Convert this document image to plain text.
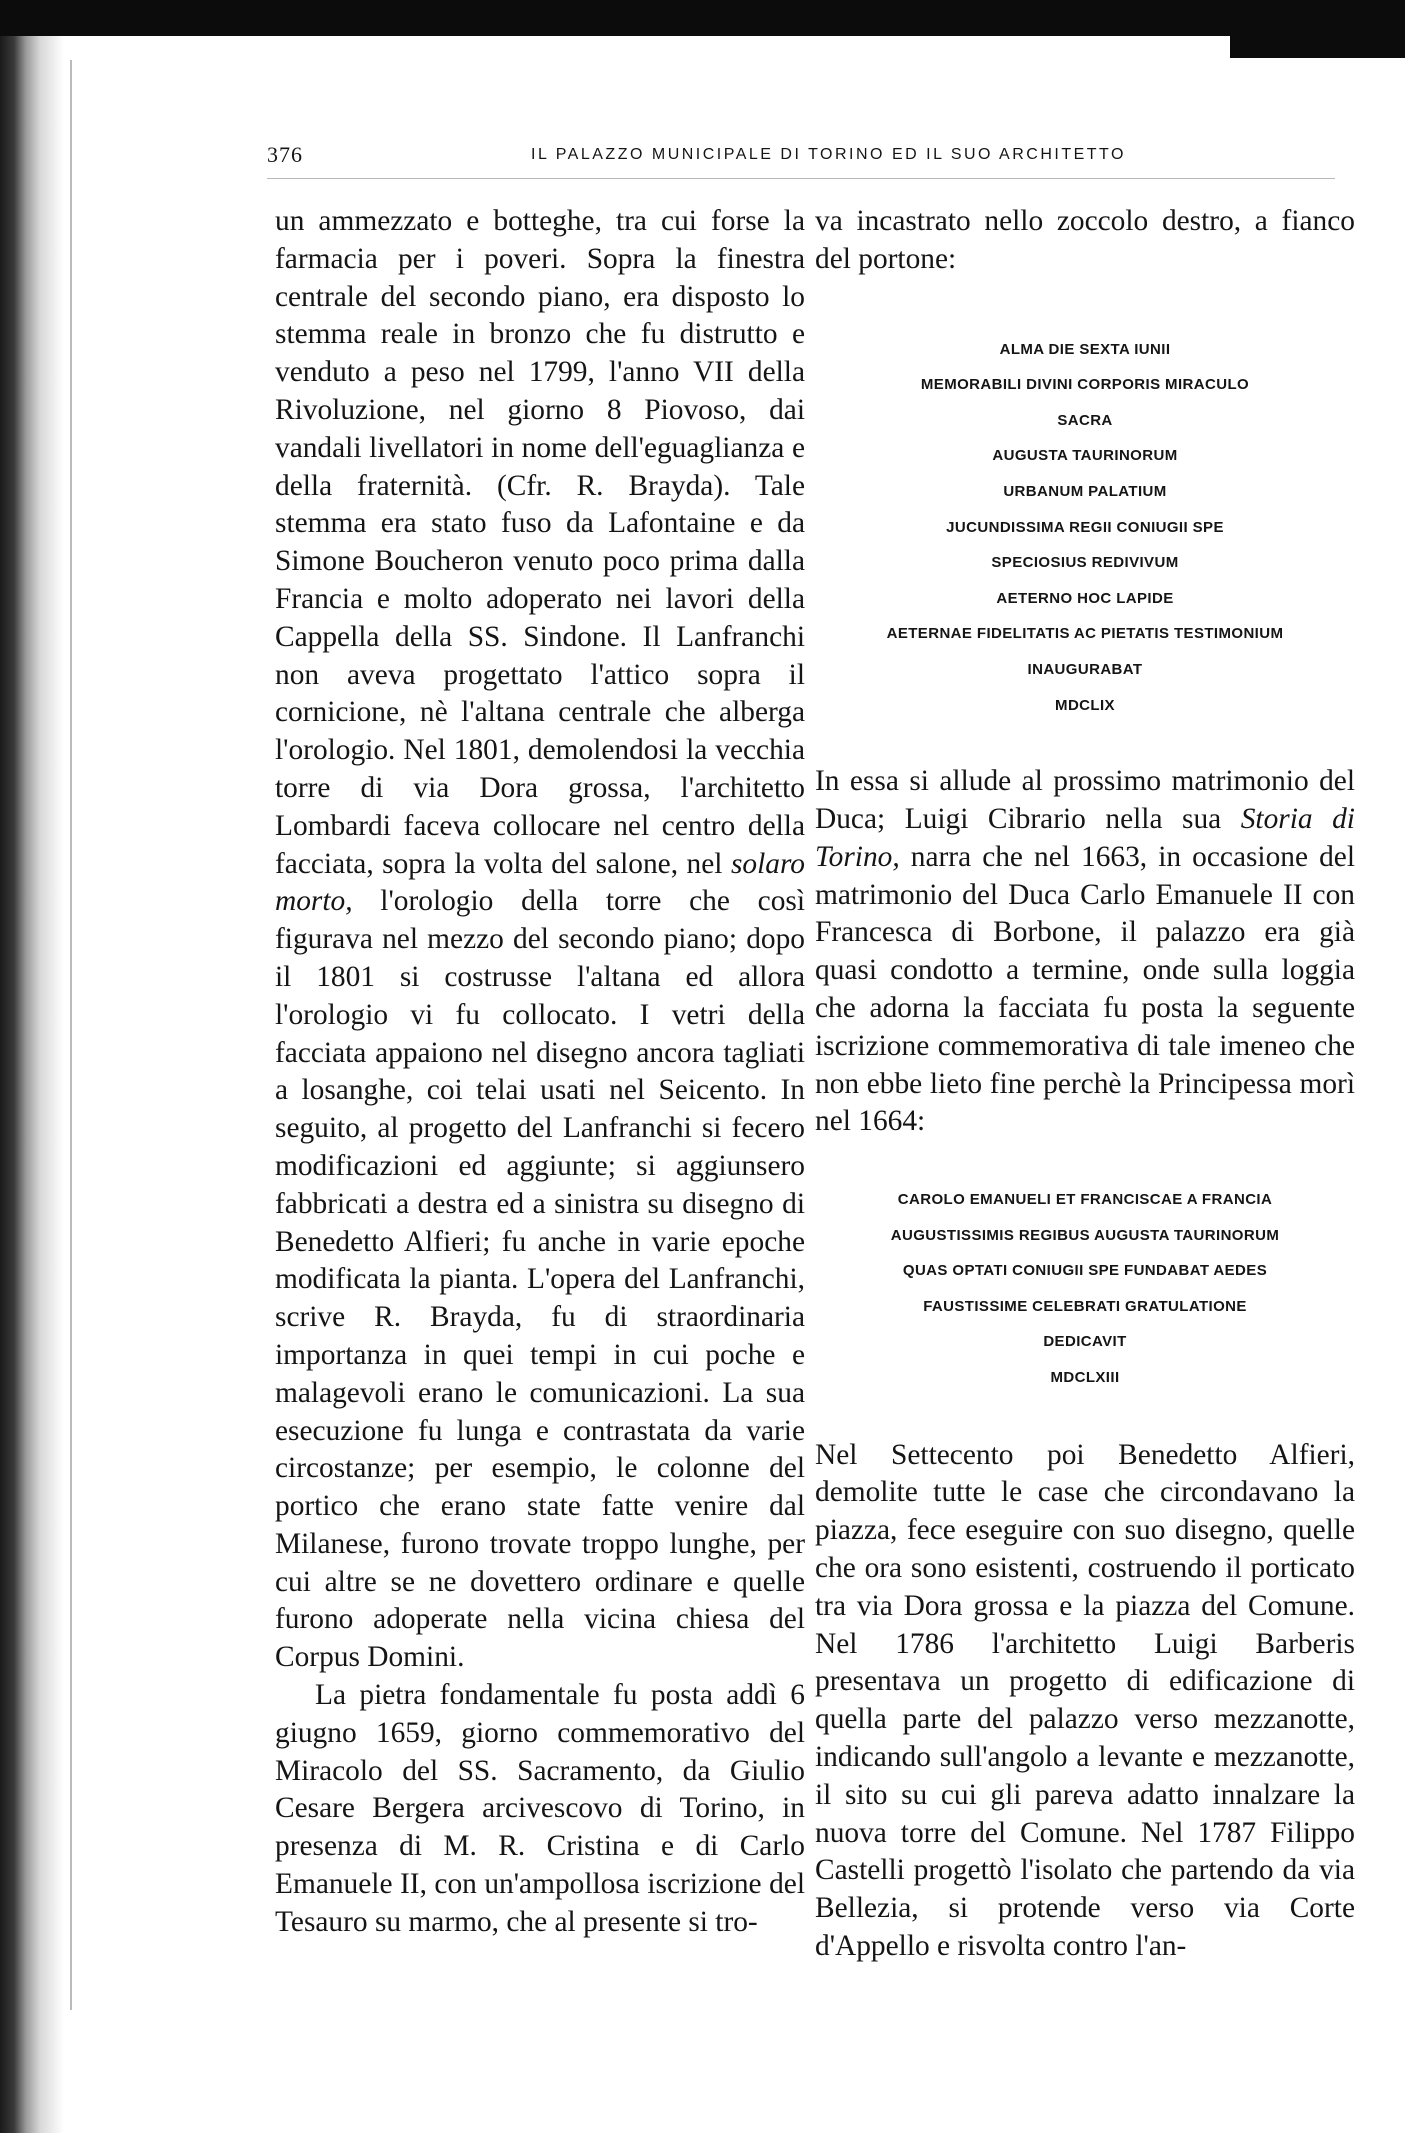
376	IL PALAZZO MUNICIPALE DI TORINO ED IL SUO ARCHITETTO

un ammezzato e botteghe, tra cui forse la farmacia per i poveri. Sopra la finestra centrale del secondo piano, era disposto lo stemma reale in bronzo che fu distrutto e venduto a peso nel 1799, l'anno VII della Rivoluzione, nel giorno 8 Piovoso, dai vandali livellatori in nome dell'eguaglianza e della fraternità. (Cfr. R. Brayda). Tale stemma era stato fuso da Lafontaine e da Simone Boucheron venuto poco prima dalla Francia e molto adoperato nei lavori della Cappella della SS. Sindone. Il Lanfranchi non aveva progettato l'attico sopra il cornicione, nè l'altana centrale che alberga l'orologio. Nel 1801, demolendosi la vecchia torre di via Dora grossa, l'architetto Lombardi faceva collocare nel centro della facciata, sopra la volta del salone, nel solaro morto, l'orologio della torre che così figurava nel mezzo del secondo piano; dopo il 1801 si costrusse l'altana ed allora l'orologio vi fu collocato. I vetri della facciata appaiono nel disegno ancora tagliati a losanghe, coi telai usati nel Seicento. In seguito, al progetto del Lanfranchi si fecero modificazioni ed aggiunte; si aggiunsero fabbricati a destra ed a sinistra su disegno di Benedetto Alfieri; fu anche in varie epoche modificata la pianta. L'opera del Lanfranchi, scrive R. Brayda, fu di straordinaria importanza in quei tempi in cui poche e malagevoli erano le comunicazioni. La sua esecuzione fu lunga e contrastata da varie circostanze; per esempio, le colonne del portico che erano state fatte venire dal Milanese, furono trovate troppo lunghe, per cui altre se ne dovettero ordinare e quelle furono adoperate nella vicina chiesa del Corpus Domini.

La pietra fondamentale fu posta addì 6 giugno 1659, giorno commemorativo del Miracolo del SS. Sacramento, da Giulio Cesare Bergera arcivescovo di Torino, in presenza di M. R. Cristina e di Carlo Emanuele II, con un'ampollosa iscrizione del Tesauro su marmo, che al presente si tro-

va incastrato nello zoccolo destro, a fianco del portone:

ALMA DIE SEXTA IUNII
MEMORABILI DIVINI CORPORIS MIRACULO
SACRA
AUGUSTA TAURINORUM
URBANUM PALATIUM
JUCUNDISSIMA REGII CONIUGII SPE
SPECIOSIUS REDIVIVUM
AETERNO HOC LAPIDE
AETERNAE FIDELITATIS AC PIETATIS TESTIMONIUM
INAUGURABAT
MDCLIX

In essa si allude al prossimo matrimonio del Duca; Luigi Cibrario nella sua Storia di Torino, narra che nel 1663, in occasione del matrimonio del Duca Carlo Emanuele II con Francesca di Borbone, il palazzo era già quasi condotto a termine, onde sulla loggia che adorna la facciata fu posta la seguente iscrizione commemorativa di tale imeneo che non ebbe lieto fine perchè la Principessa morì nel 1664:

CAROLO EMANUELI ET FRANCISCAE A FRANCIA
AUGUSTISSIMIS REGIBUS AUGUSTA TAURINORUM
QUAS OPTATI CONIUGII SPE FUNDABAT AEDES
FAUSTISSIME CELEBRATI GRATULATIONE
DEDICAVIT
MDCLXIII

Nel Settecento poi Benedetto Alfieri, demolite tutte le case che circondavano la piazza, fece eseguire con suo disegno, quelle che ora sono esistenti, costruendo il porticato tra via Dora grossa e la piazza del Comune. Nel 1786 l'architetto Luigi Barberis presentava un progetto di edificazione di quella parte del palazzo verso mezzanotte, indicando sull'angolo a levante e mezzanotte, il sito su cui gli pareva adatto innalzare la nuova torre del Comune. Nel 1787 Filippo Castelli progettò l'isolato che partendo da via Bellezia, si protende verso via Corte d'Appello e risvolta contro l'an-
